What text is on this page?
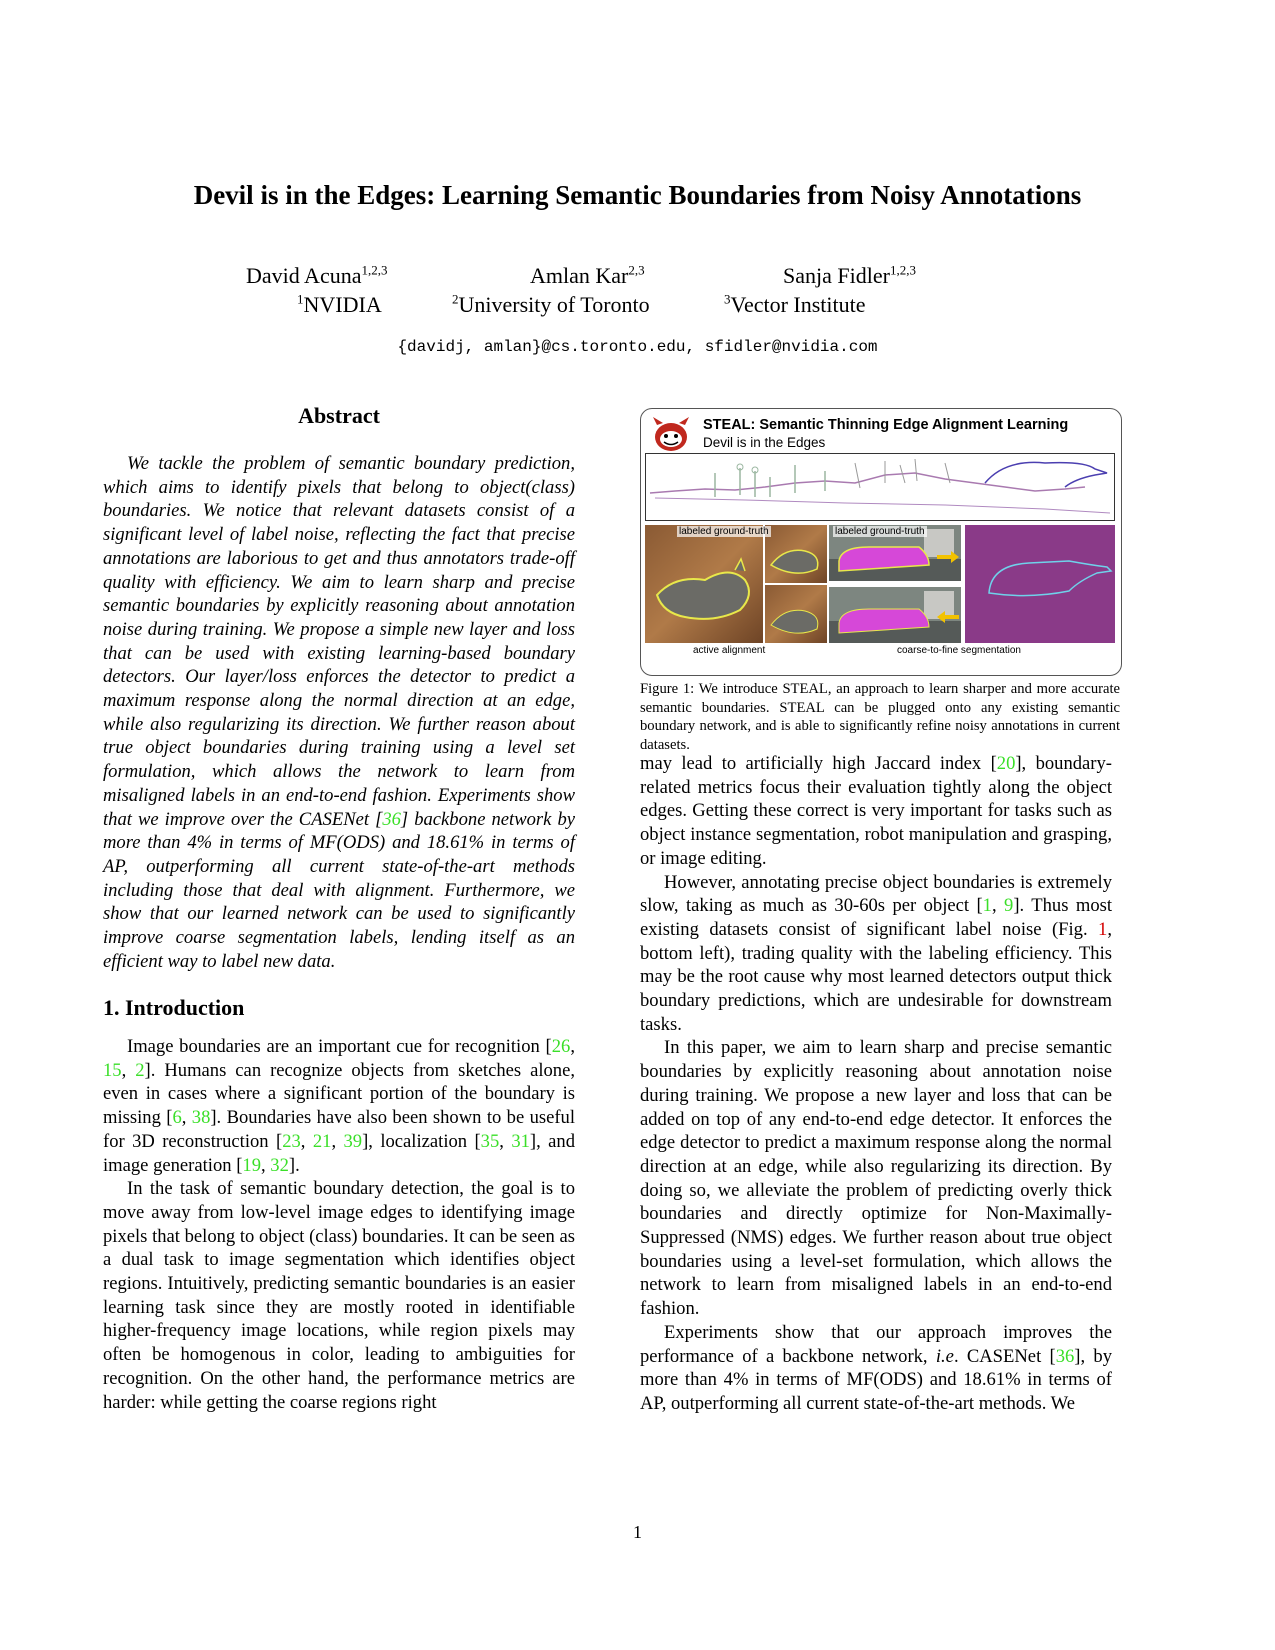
Devil is in the Edges: Learning Semantic Boundaries from Noisy Annotations
David Acuna$^{1,2,3}$	Amlan Kar$^{2,3}$	Sanja Fidler$^{1,2,3}$
$^1$NVIDIA	$^2$University of Toronto	$^3$Vector Institute
{davidj, amlan}@cs.toronto.edu, sfidler@nvidia.com
Abstract

We tackle the problem of semantic boundary prediction, which aims to identify pixels that belong to object(class) boundaries. We notice that relevant datasets consist of a significant level of label noise, reflecting the fact that precise annotations are laborious to get and thus annotators trade-off quality with efficiency. We aim to learn sharp and precise semantic boundaries by explicitly reasoning about annotation noise during training. We propose a simple new layer and loss that can be used with existing learning-based boundary detectors. Our layer/loss enforces the detector to predict a maximum response along the normal direction at an edge, while also regularizing its direction. We further reason about true object boundaries during training using a level set formulation, which allows the network to learn from misaligned labels in an end-to-end fashion. Experiments show that we improve over the CASENet [36] backbone network by more than 4% in terms of MF(ODS) and 18.61% in terms of AP, outperforming all current state-of-the-art methods including those that deal with alignment. Furthermore, we show that our learned network can be used to significantly improve coarse segmentation labels, lending itself as an efficient way to label new data.

1. Introduction

Image boundaries are an important cue for recognition [26, 15, 2]. Humans can recognize objects from sketches alone, even in cases where a significant portion of the boundary is missing [6, 38]. Boundaries have also been shown to be useful for 3D reconstruction [23, 21, 39], localization [35, 31], and image generation [19, 32].

In the task of semantic boundary detection, the goal is to move away from low-level image edges to identifying image pixels that belong to object (class) boundaries. It can be seen as a dual task to image segmentation which identifies object regions. Intuitively, predicting semantic boundaries is an easier learning task since they are mostly rooted in identifiable higher-frequency image locations, while region pixels may often be homogenous in color, leading to ambiguities for recognition. On the other hand, the performance metrics are harder: while getting the coarse regions right

STEAL: Semantic Thinning Edge Alignment Learning
Devil is in the Edges
labeled ground-truth	labeled ground-truth
active alignment	coarse-to-fine segmentation
Figure 1: We introduce STEAL, an approach to learn sharper and more accurate semantic boundaries. STEAL can be plugged onto any existing semantic boundary network, and is able to significantly refine noisy annotations in current datasets.

may lead to artificially high Jaccard index [20], boundary-related metrics focus their evaluation tightly along the object edges. Getting these correct is very important for tasks such as object instance segmentation, robot manipulation and grasping, or image editing.

However, annotating precise object boundaries is extremely slow, taking as much as 30-60s per object [1, 9]. Thus most existing datasets consist of significant label noise (Fig. 1, bottom left), trading quality with the labeling efficiency. This may be the root cause why most learned detectors output thick boundary predictions, which are undesirable for downstream tasks.

In this paper, we aim to learn sharp and precise semantic boundaries by explicitly reasoning about annotation noise during training. We propose a new layer and loss that can be added on top of any end-to-end edge detector. It enforces the edge detector to predict a maximum response along the normal direction at an edge, while also regularizing its direction. By doing so, we alleviate the problem of predicting overly thick boundaries and directly optimize for Non-Maximally-Suppressed (NMS) edges. We further reason about true object boundaries using a level-set formulation, which allows the network to learn from misaligned labels in an end-to-end fashion.

Experiments show that our approach improves the performance of a backbone network, i.e. CASENet [36], by more than 4% in terms of MF(ODS) and 18.61% in terms of AP, outperforming all current state-of-the-art methods. We

1
